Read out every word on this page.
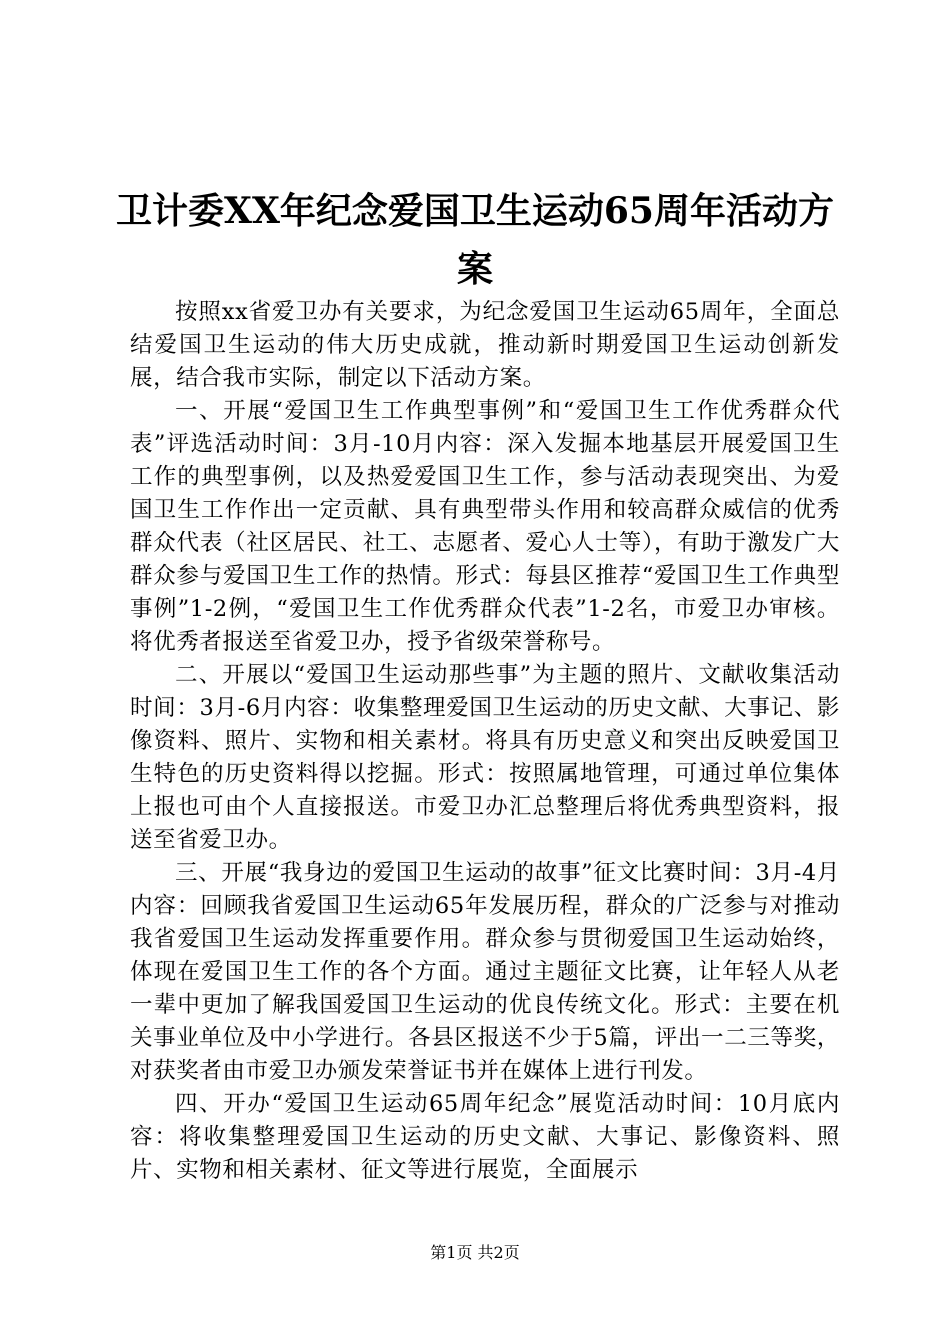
卫计委XX年纪念爱国卫生运动65周年活动方案

按照xx省爱卫办有关要求，为纪念爱国卫生运动65周年，全面总结爱国卫生运动的伟大历史成就，推动新时期爱国卫生运动创新发展，结合我市实际，制定以下活动方案。

一、开展“爱国卫生工作典型事例”和“爱国卫生工作优秀群众代表”评选活动时间：3月-10月内容：深入发掘本地基层开展爱国卫生工作的典型事例，以及热爱爱国卫生工作，参与活动表现突出、为爱国卫生工作作出一定贡献、具有典型带头作用和较高群众威信的优秀群众代表（社区居民、社工、志愿者、爱心人士等），有助于激发广大群众参与爱国卫生工作的热情。形式：每县区推荐“爱国卫生工作典型事例”1-2例，“爱国卫生工作优秀群众代表”1-2名，市爱卫办审核。将优秀者报送至省爱卫办，授予省级荣誉称号。

二、开展以“爱国卫生运动那些事”为主题的照片、文献收集活动时间：3月-6月内容：收集整理爱国卫生运动的历史文献、大事记、影像资料、照片、实物和相关素材。将具有历史意义和突出反映爱国卫生特色的历史资料得以挖掘。形式：按照属地管理，可通过单位集体上报也可由个人直接报送。市爱卫办汇总整理后将优秀典型资料，报送至省爱卫办。

三、开展“我身边的爱国卫生运动的故事”征文比赛时间：3月-4月内容：回顾我省爱国卫生运动65年发展历程，群众的广泛参与对推动我省爱国卫生运动发挥重要作用。群众参与贯彻爱国卫生运动始终，体现在爱国卫生工作的各个方面。通过主题征文比赛，让年轻人从老一辈中更加了解我国爱国卫生运动的优良传统文化。形式：主要在机关事业单位及中小学进行。各县区报送不少于5篇，评出一二三等奖，对获奖者由市爱卫办颁发荣誉证书并在媒体上进行刊发。

四、开办“爱国卫生运动65周年纪念”展览活动时间：10月底内容：将收集整理爱国卫生运动的历史文献、大事记、影像资料、照片、实物和相关素材、征文等进行展览，全面展示

第1页 共2页
